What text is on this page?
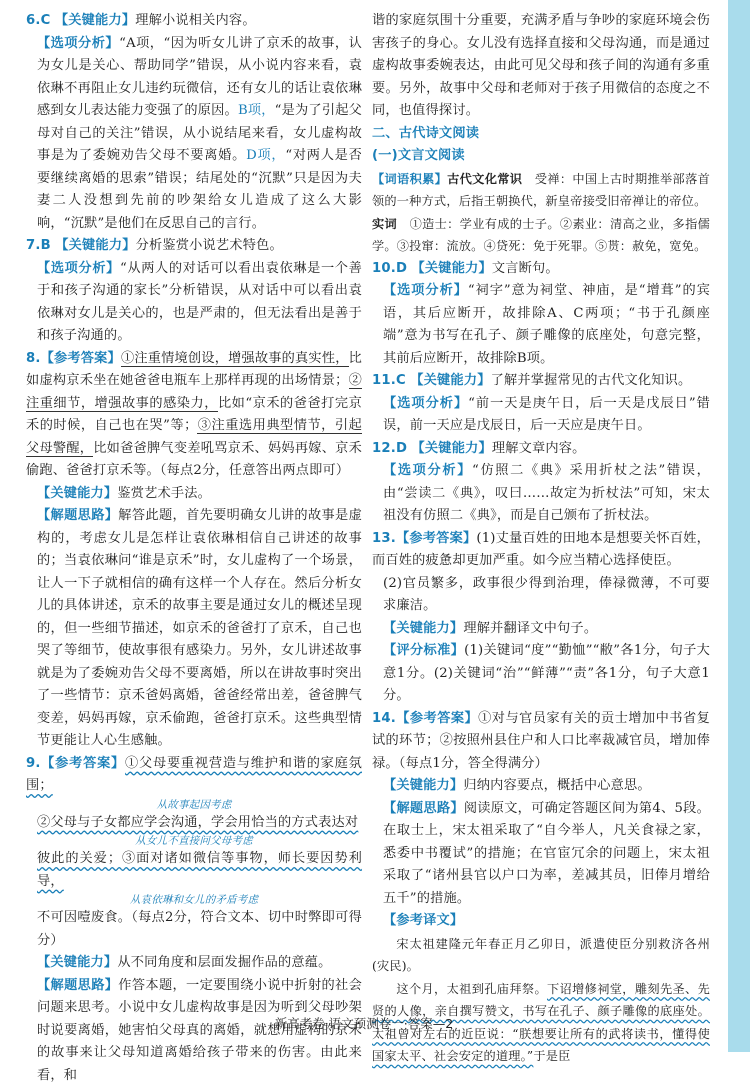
6.C 【关键能力】理解小说相关内容。

【选项分析】“A项，“因为听女儿讲了京禾的故事，认为女儿是关心、帮助同学”错误，从小说内容来看，袁依琳不再阻止女儿违约玩微信，还有女儿的话让袁依琳感到女儿表达能力变强了的原因。B项，“是为了引起父母对自己的关注”错误，从小说结尾来看，女儿虚构故事是为了委婉劝告父母不要离婚。D项，“对两人是否要继续离婚的思索”错误；结尾处的“沉默”只是因为夫妻二人没想到先前的吵架给女儿造成了这么大影响，“沉默”是他们在反思自己的言行。

7.B 【关键能力】分析鉴赏小说艺术特色。

【选项分析】“从两人的对话可以看出袁依琳是一个善于和孩子沟通的家长”分析错误，从对话中可以看出袁依琳对女儿是关心的，也是严肃的，但无法看出是善于和孩子沟通的。

8.【参考答案】①注重情境创设，增强故事的真实性，比如虚构京禾坐在她爸爸电瓶车上那样再现的出场情景；②注重细节，增强故事的感染力，比如“京禾的爸爸打完京禾的时候，自己也在哭”等；③注重选用典型情节，引起父母警醒，比如爸爸脾气变差吼骂京禾、妈妈再嫁、京禾偷跑、爸爸打京禾等。（每点2分，任意答出两点即可）

【关键能力】鉴赏艺术手法。

【解题思路】解答此题，首先要明确女儿讲的故事是虚构的，考虑女儿是怎样让袁依琳相信自己讲述的故事的；当袁依琳问“谁是京禾”时，女儿虚构了一个场景，让人一下子就相信的确有这样一个人存在。然后分析女儿的具体讲述，京禾的故事主要是通过女儿的概述呈现的，但一些细节描述，如京禾的爸爸打了京禾，自己也哭了等细节，使故事很有感染力。另外，女儿讲述故事就是为了委婉劝告父母不要离婚，所以在讲故事时突出了一些情节：京禾爸妈离婚，爸爸经常出差，爸爸脾气变差，妈妈再嫁，京禾偷跑，爸爸打京禾。这些典型情节更能让人心生感触。

9.【参考答案】①父母要重视营造与维护和谐的家庭氛围；

从故事起因考虑

②父母与子女都应学会沟通，学会用恰当的方式表达对

从女儿不直接问父母考虑

彼此的关爱；③面对诸如微信等事物，师长要因势利导，

从袁依琳和女儿的矛盾考虑

不可因噎废食。（每点2分，符合文本、切中时弊即可得分）

【关键能力】从不同角度和层面发掘作品的意蕴。

【解题思路】作答本题，一定要围绕小说中折射的社会问题来思考。小说中女儿虚构故事是因为听到父母吵架时说要离婚，她害怕父母真的离婚，就想用虚构的京禾的故事来让父母知道离婚给孩子带来的伤害。由此来看，和

谐的家庭氛围十分重要，充满矛盾与争吵的家庭环境会伤害孩子的身心。女儿没有选择直接和父母沟通，而是通过虚构故事委婉表达，由此可见父母和孩子间的沟通有多重要。另外，故事中父母和老师对于孩子用微信的态度之不同，也值得探讨。

二、古代诗文阅读

(一)文言文阅读

【词语积累】古代文化常识　 受禅：中国上古时期推举部落首领的一种方式，后指王朝换代，新皇帝接受旧帝禅让的帝位。

实词　 ①造士：学业有成的士子。②素业：清高之业，多指儒学。③投窜：流放。④贷死：免于死罪。⑤贳：赦免，宽免。

10.D 【关键能力】文言断句。

【选项分析】“祠字”意为祠堂、神庙，是“增葺”的宾语，其后应断开，故排除A、C两项；“书于孔颜座端”意为书写在孔子、颜子雕像的底座处，句意完整，其前后应断开，故排除B项。

11.C 【关键能力】了解并掌握常见的古代文化知识。

【选项分析】“前一天是庚午日，后一天是戊辰日”错误，前一天应是戊辰日，后一天应是庚午日。

12.D 【关键能力】理解文章内容。

【选项分析】“仿照二《典》采用折杖之法”错误，由“尝读二《典》，叹曰……故定为折杖法”可知，宋太祖没有仿照二《典》，而是自己颁布了折杖法。

13.【参考答案】(1)丈量百姓的田地本是想要关怀百姓，而百姓的疲惫却更加严重。如今应当精心选择使臣。

(2)官员繁多，政事很少得到治理，俸禄微薄，不可要求廉洁。

【关键能力】理解并翻译文中句子。

【评分标准】(1)关键词“度”“勤恤”“敝”各1分，句子大意1分。(2)关键词“治”“鲜薄”“责”各1分，句子大意1分。

14.【参考答案】①对与官员家有关的贡士增加中书省复试的环节；②按照州县住户和人口比率裁减官员，增加俸禄。（每点1分，答全得满分）

【关键能力】归纳内容要点，概括中心意思。

【解题思路】阅读原文，可确定答题区间为第4、5段。在取士上，宋太祖采取了“自今举人，凡关食禄之家，悉委中书覆试”的措施；在官宦冗余的问题上，宋太祖采取了“诸州县官以户口为率，差减其员，旧俸月增给五千”的措施。

【参考译文】

宋太祖建隆元年春正月乙卯日，派遣使臣分别救济各州(灾民)。

这个月，太祖到孔庙拜祭。下诏增修祠堂，雕刻先圣、先贤的人像，亲自撰写赞文，书写在孔子、颜子雕像的底座处。太祖曾对左右的近臣说：“朕想要让所有的武将读书，懂得使国家太平、社会安定的道理。”于是臣

新高考卷·语文预测卷一·答案—2
